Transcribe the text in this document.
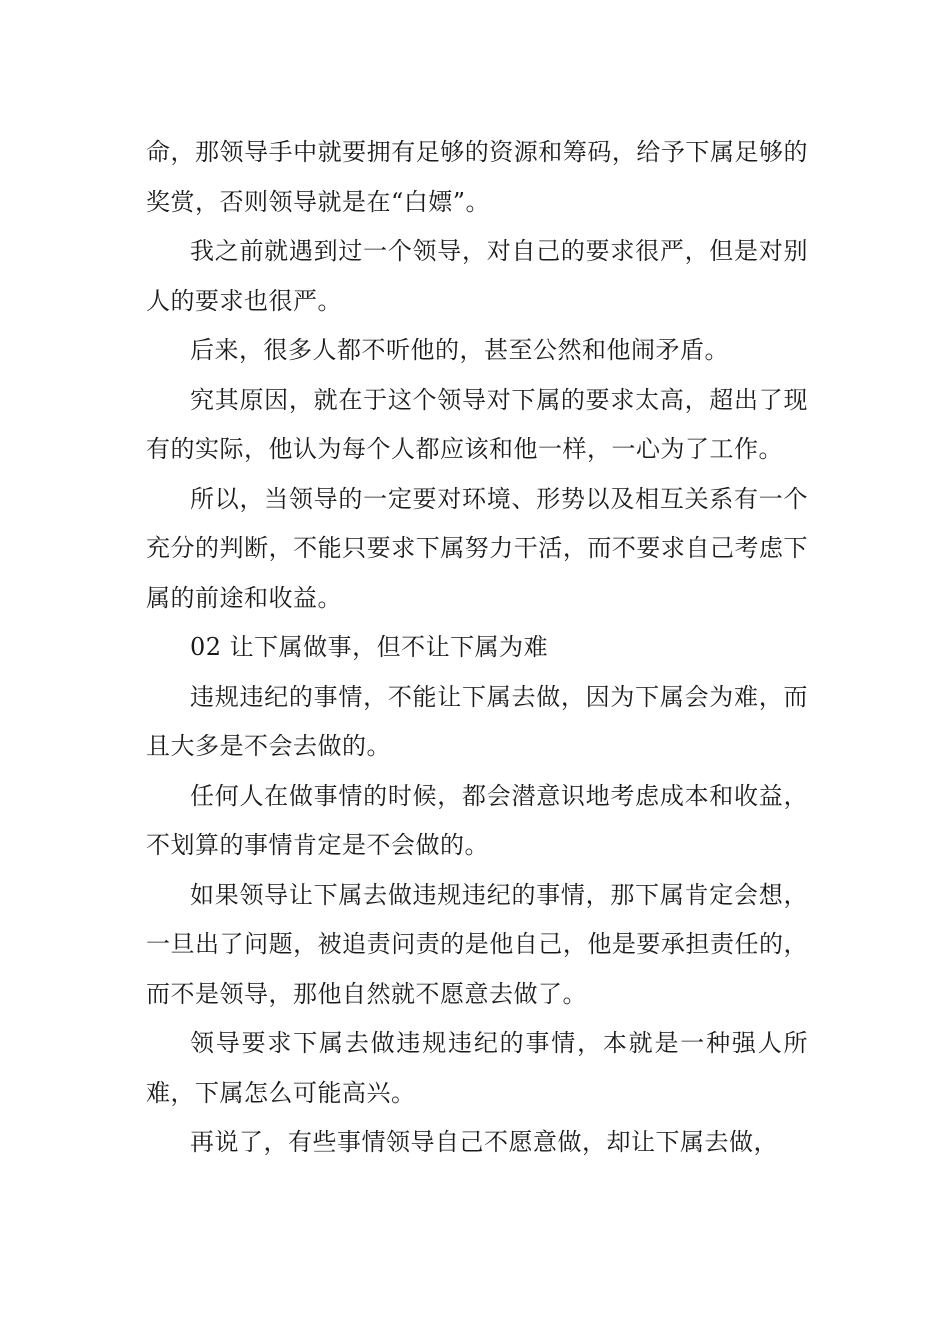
命，那领导手中就要拥有足够的资源和筹码，给予下属足够的奖赏，否则领导就是在“白嫖”。

我之前就遇到过一个领导，对自己的要求很严，但是对别人的要求也很严。

后来，很多人都不听他的，甚至公然和他闹矛盾。

究其原因，就在于这个领导对下属的要求太高，超出了现有的实际，他认为每个人都应该和他一样，一心为了工作。

所以，当领导的一定要对环境、形势以及相互关系有一个充分的判断，不能只要求下属努力干活，而不要求自己考虑下属的前途和收益。

02 让下属做事，但不让下属为难

违规违纪的事情，不能让下属去做，因为下属会为难，而且大多是不会去做的。

任何人在做事情的时候，都会潜意识地考虑成本和收益，不划算的事情肯定是不会做的。

如果领导让下属去做违规违纪的事情，那下属肯定会想，一旦出了问题，被追责问责的是他自己，他是要承担责任的，而不是领导，那他自然就不愿意去做了。

领导要求下属去做违规违纪的事情，本就是一种强人所难，下属怎么可能高兴。

再说了，有些事情领导自己不愿意做，却让下属去做，
